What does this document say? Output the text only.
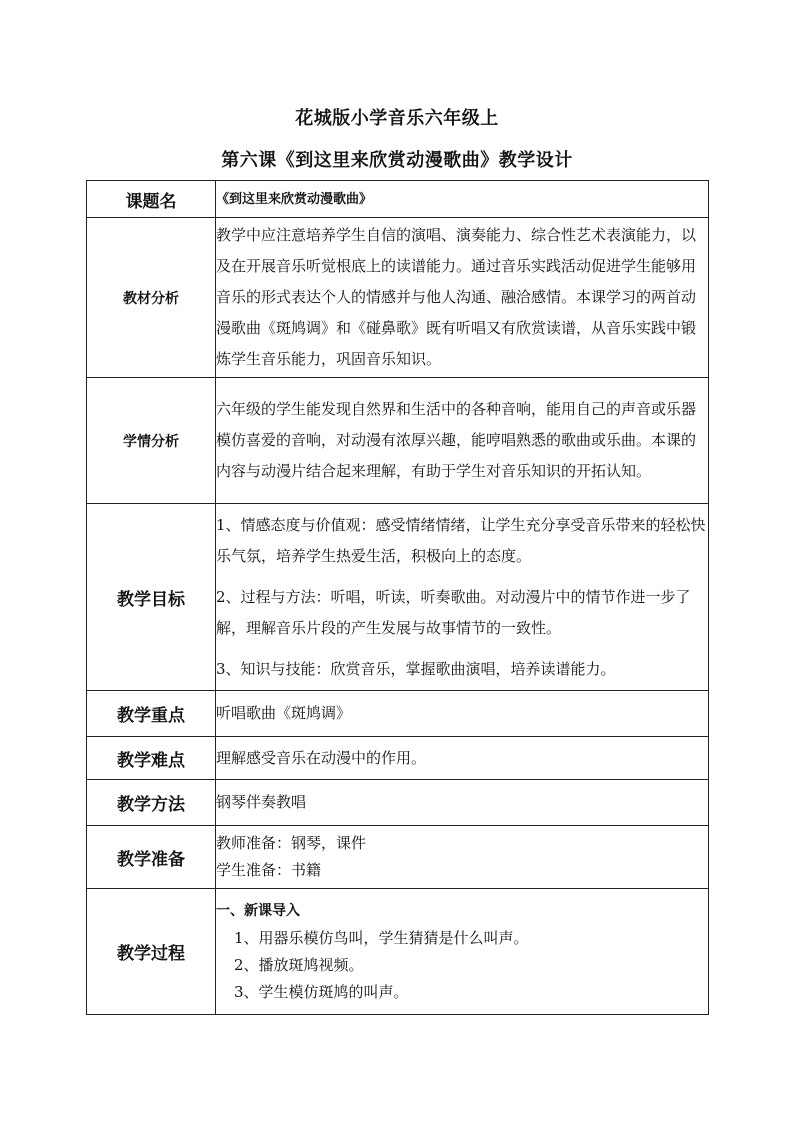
花城版小学音乐六年级上
第六课《到这里来欣赏动漫歌曲》教学设计
课题名	《到这里来欣赏动漫歌曲》
教材分析	教学中应注意培养学生自信的演唱、演奏能力、综合性艺术表演能力，以及在开展音乐听觉根底上的读谱能力。通过音乐实践活动促进学生能够用音乐的形式表达个人的情感并与他人沟通、融洽感情。本课学习的两首动漫歌曲《斑鸠调》和《碰鼻歌》既有听唱又有欣赏读谱，从音乐实践中锻炼学生音乐能力，巩固音乐知识。
学情分析	六年级的学生能发现自然界和生活中的各种音响，能用自己的声音或乐器模仿喜爱的音响，对动漫有浓厚兴趣，能哼唱熟悉的歌曲或乐曲。本课的内容与动漫片结合起来理解，有助于学生对音乐知识的开拓认知。
教学目标	1、情感态度与价值观：感受情绪情绪，让学生充分享受音乐带来的轻松快乐气氛，培养学生热爱生活，积极向上的态度。

2、过程与方法：听唱，听读，听奏歌曲。对动漫片中的情节作进一步了解，理解音乐片段的产生发展与故事情节的一致性。

3、知识与技能：欣赏音乐，掌握歌曲演唱，培养读谱能力。

教学重点	听唱歌曲《斑鸠调》
教学难点	理解感受音乐在动漫中的作用。
教学方法	钢琴伴奏教唱
教学准备	教师准备：钢琴，课件
学生准备：书籍

教学过程	一、新课导入
1、用器乐模仿鸟叫，学生猜猜是什么叫声。
2、播放斑鸠视频。
3、学生模仿斑鸠的叫声。
